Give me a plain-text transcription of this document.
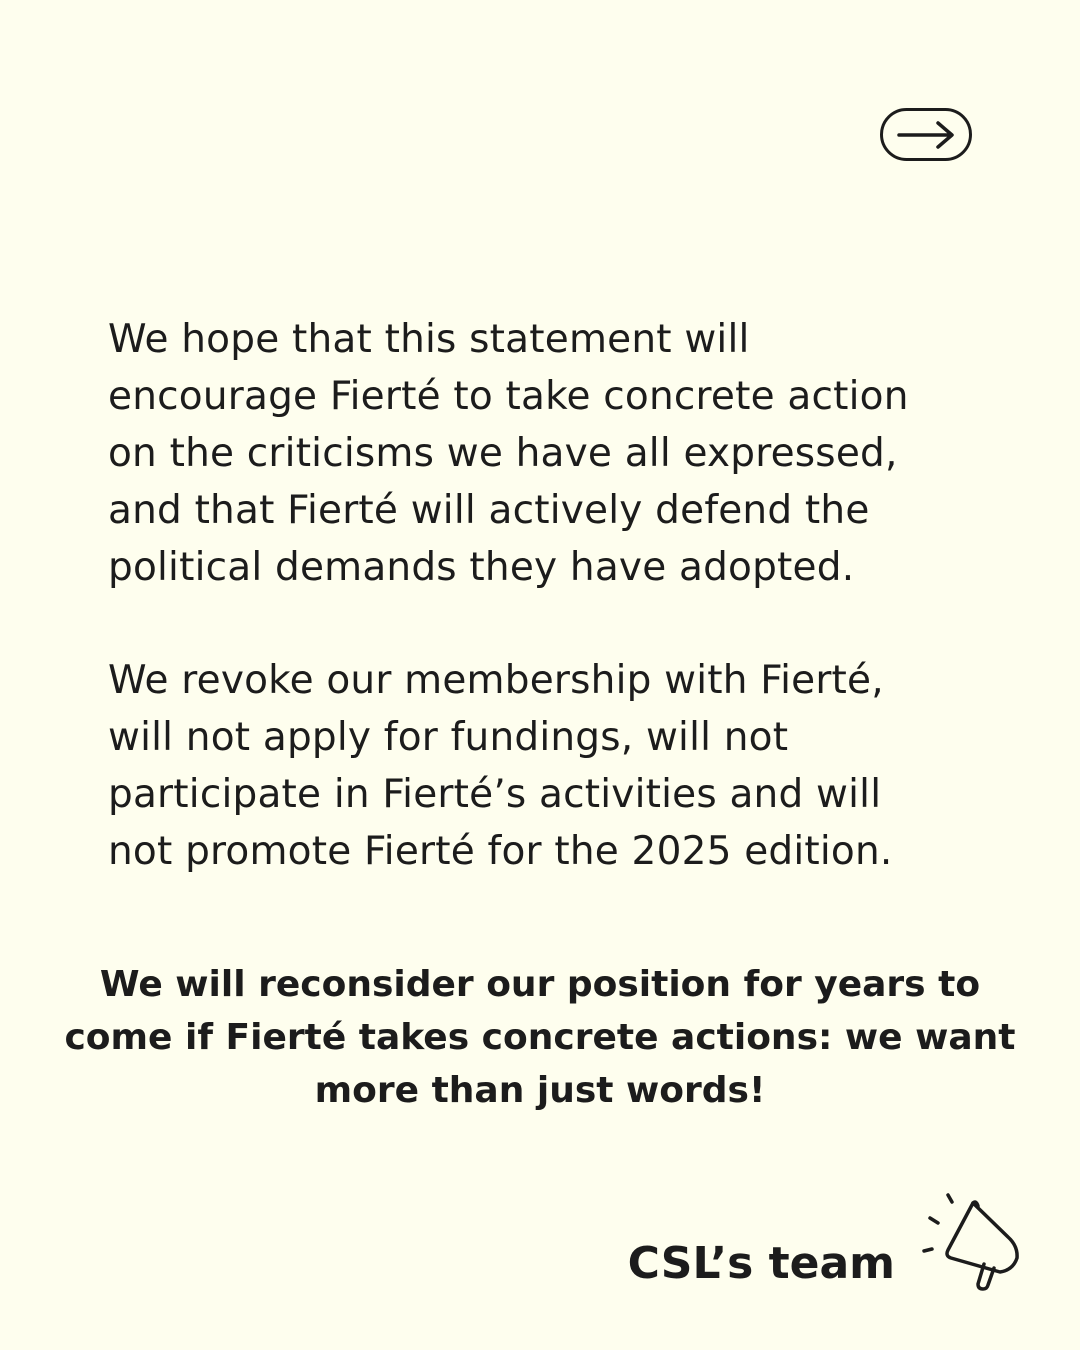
We hope that this statement will
encourage Fierté to take concrete action
on the criticisms we have all expressed,
and that Fierté will actively defend the
political demands they have adopted.

We revoke our membership with Fierté,
will not apply for fundings, will not
participate in Fierté’s activities and will
not promote Fierté for the 2025 edition.

We will reconsider our position for years to
come if Fierté takes concrete actions: we want
more than just words!

CSL’s team
